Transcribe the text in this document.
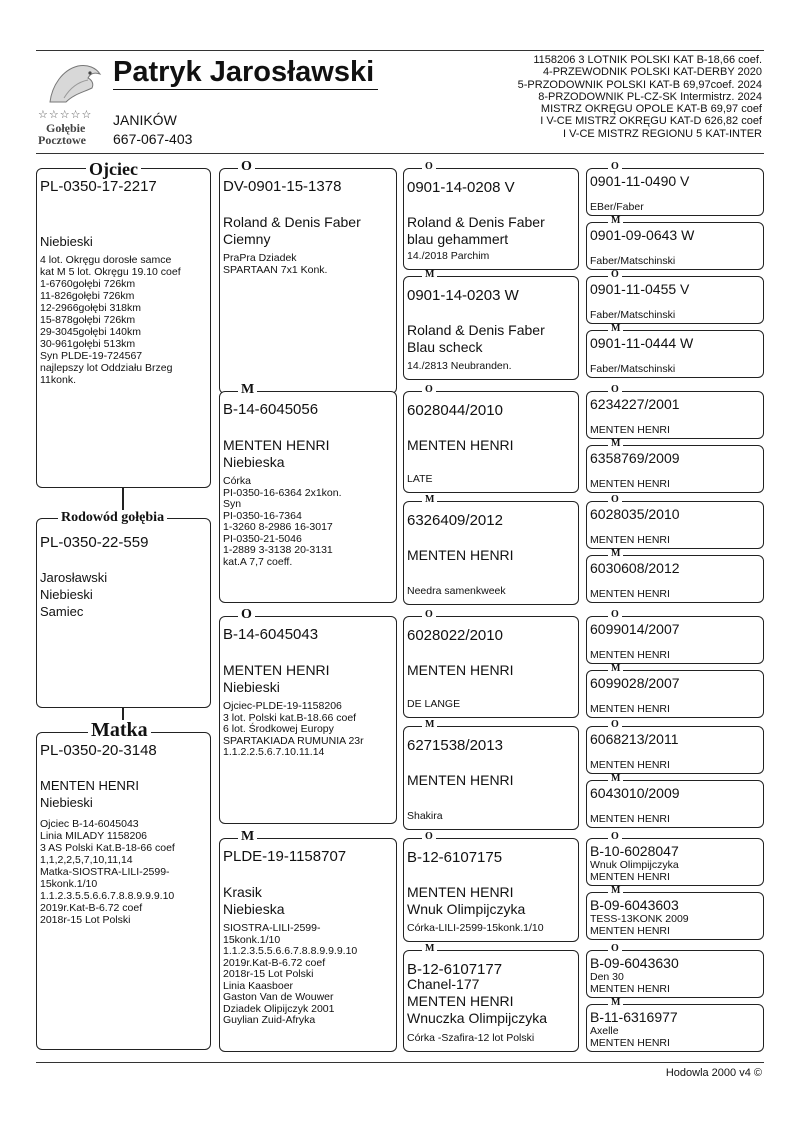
☆☆☆☆☆
Gołębie
Pocztowe
Patryk Jarosławski
JANIKÓW
667-067-403
1158206 3 LOTNIK POLSKI KAT B-18,66 coef.
4-PRZEWODNIK POLSKI KAT-DERBY 2020
5-PRZODOWNIK POLSKI KAT-B 69,97coef. 2024
8-PRZODOWNIK PL-CZ-SK Intermistrz. 2024
MISTRZ OKRĘGU OPOLE KAT-B 69,97 coef
I V-CE MISTRZ OKRĘGU KAT-D 626,82 coef
I V-CE MISTRZ REGIONU 5 KAT-INTER
PL-0350-17-2217
Niebieski
4 lot. Okręgu dorosłe samce
kat M 5 lot. Okręgu 19.10 coef
1-6760gołębi 726km
11-826gołębi 726km
12-2966gołębi 318km
15-878gołębi 726km
29-3045gołębi 140km
30-961gołębi 513km
Syn PLDE-19-724567
najlepszy lot Oddziału Brzeg
11konk.
Ojciec
PL-0350-22-559
Jarosławski
Niebieski
Samiec
Rodowód gołębia
PL-0350-20-3148
MENTEN HENRI
Niebieski
Ojciec B-14-6045043
Linia MILADY 1158206
3 AS Polski Kat.B-18-66 coef
1,1,2,2,5,7,10,11,14
Matka-SIOSTRA-LILI-2599-
15konk.1/10
1.1.2.3.5.5.6.6.7.8.8.9.9.9.10
2019r.Kat-B-6.72 coef
2018r-15 Lot Polski
Matka
DV-0901-15-1378
Roland & Denis Faber
Ciemny
PraPra Dziadek
SPARTAAN 7x1 Konk.
O
B-14-6045056
MENTEN HENRI
Niebieska
Córka
PI-0350-16-6364 2x1kon.
Syn
PI-0350-16-7364
1-3260 8-2986 16-3017
PI-0350-21-5046
1-2889 3-3138 20-3131
kat.A 7,7 coeff.
M
B-14-6045043
MENTEN HENRI
Niebieski
Ojciec-PLDE-19-1158206
3 lot. Polski kat.B-18.66 coef
6 lot. Środkowej Europy
SPARTAKIADA RUMUNIA 23r
1.1.2.2.5.6.7.10.11.14
O
PLDE-19-1158707
Krasik
Niebieska
SIOSTRA-LILI-2599-
15konk.1/10
1.1.2.3.5.5.6.6.7.8.8.9.9.9.10
2019r.Kat-B-6.72 coef
2018r-15 Lot Polski
Linia Kaasboer
Gaston Van de Wouwer
Dziadek Olipijczyk 2001
Guylian Zuid-Afryka
M
0901-14-0208 V
Roland & Denis Faber
blau gehammert
14./2018 Parchim
O
0901-14-0203 W
Roland & Denis Faber
Blau scheck
14./2813 Neubranden.
M
6028044/2010
MENTEN HENRI
LATE
O
6326409/2012
MENTEN HENRI
Needra samenkweek
M
6028022/2010
MENTEN HENRI
DE LANGE
O
6271538/2013
MENTEN HENRI
Shakira
M
B-12-6107175
MENTEN HENRI
Wnuk Olimpijczyka
Córka-LILI-2599-15konk.1/10
O
B-12-6107177
Chanel-177
MENTEN HENRI
Wnuczka Olimpijczyka
Córka -Szafira-12 lot Polski
M
0901-11-0490 V
EBer/Faber
O
0901-09-0643 W
Faber/Matschinski
M
0901-11-0455 V
Faber/Matschinski
O
0901-11-0444 W
Faber/Matschinski
M
6234227/2001
MENTEN HENRI
O
6358769/2009
MENTEN HENRI
M
6028035/2010
MENTEN HENRI
O
6030608/2012
MENTEN HENRI
M
6099014/2007
MENTEN HENRI
O
6099028/2007
MENTEN HENRI
M
6068213/2011
MENTEN HENRI
O
6043010/2009
MENTEN HENRI
M
B-10-6028047
Wnuk Olimpijczyka
MENTEN HENRI
O
B-09-6043603
TESS-13KONK 2009
MENTEN HENRI
M
B-09-6043630
Den 30
MENTEN HENRI
O
B-11-6316977
Axelle
MENTEN HENRI
M
Hodowla 2000 v4 ©
